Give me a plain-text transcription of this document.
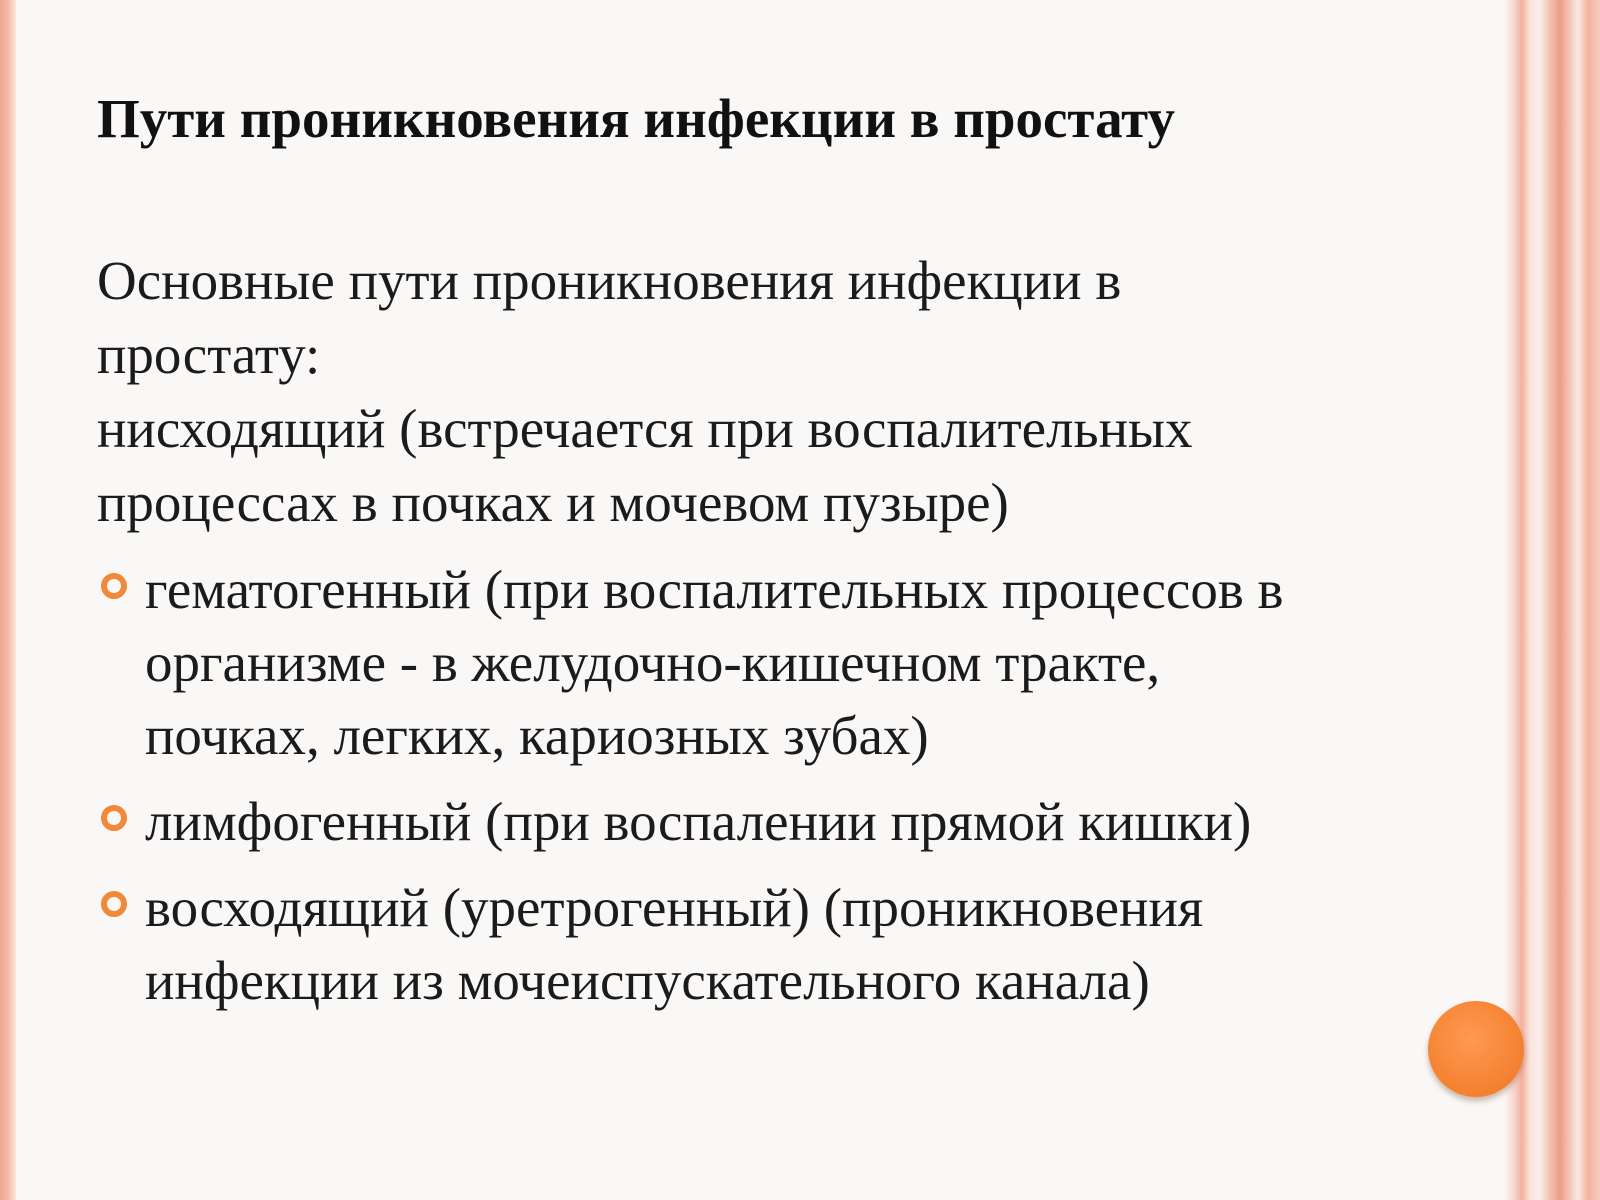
Пути проникновения инфекции в простату

Основные пути проникновения инфекции в
простату:
нисходящий (встречается при воспалительных
процессах в почках и мочевом пузыре)

гематогенный (при воспалительных процессов в
организме - в желудочно-кишечном тракте,
почках, легких, кариозных зубах)
лимфогенный (при воспалении прямой кишки)
восходящий (уретрогенный) (проникновения
инфекции из мочеиспускательного канала)
